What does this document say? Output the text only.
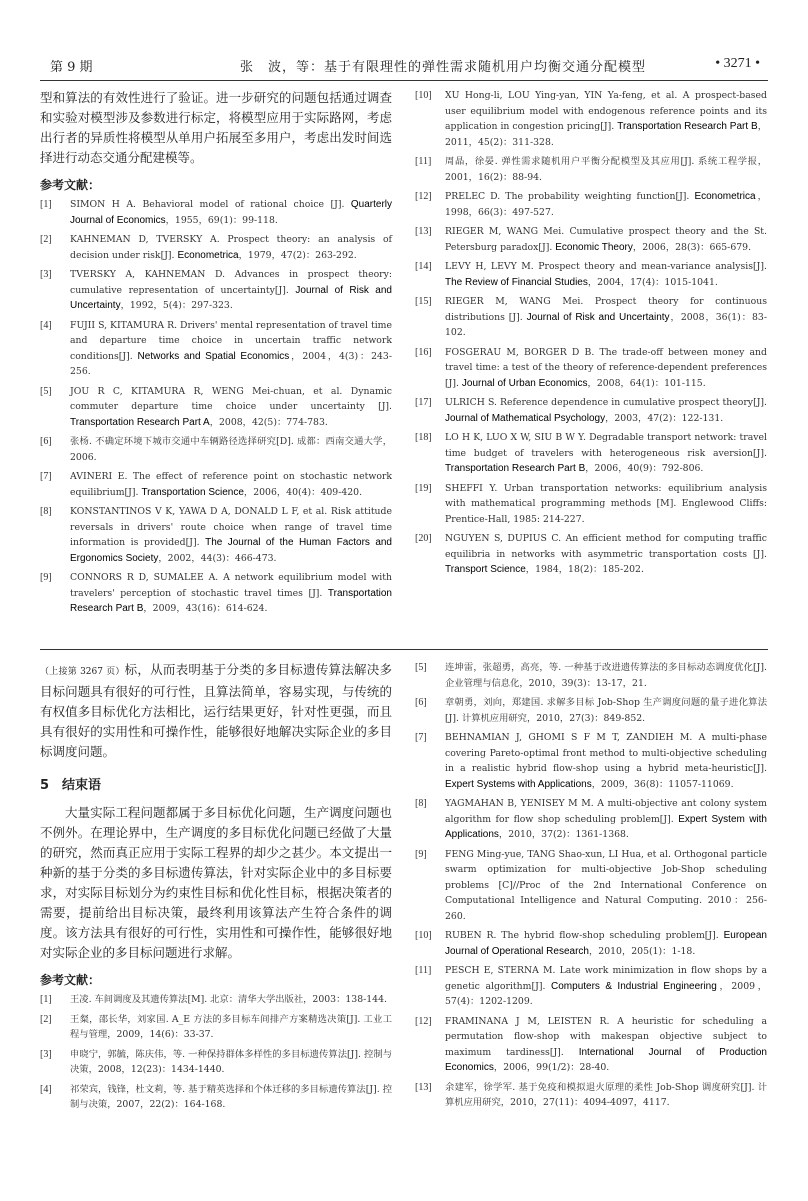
第 9 期	张　波，等：基于有限理性的弹性需求随机用户均衡交通分配模型	• 3271 •

型和算法的有效性进行了验证。进一步研究的问题包括通过调查和实验对模型涉及参数进行标定，将模型应用于实际路网，考虑出行者的异质性将模型从单用户拓展至多用户，考虑出发时间选择进行动态交通分配建模等。

参考文献：
[1]	SIMON H A. Behavioral model of rational choice [J]. Quarterly Journal of Economics，1955，69(1)：99-118.
[2]	KAHNEMAN D, TVERSKY A. Prospect theory: an analysis of decision under risk[J]. Econometrica，1979，47(2)：263-292.
[3]	TVERSKY A, KAHNEMAN D. Advances in prospect theory: cumulative representation of uncertainty[J]. Journal of Risk and Uncertainty，1992，5(4)：297-323.
[4]	FUJII S, KITAMURA R. Drivers' mental representation of travel time and departure time choice in uncertain traffic network conditions[J]. Networks and Spatial Economics，2004，4(3)：243-256.
[5]	JOU R C, KITAMURA R, WENG Mei-chuan, et al. Dynamic commuter departure time choice under uncertainty [J]. Transportation Research Part A，2008，42(5)：774-783.
[6]	张杨. 不确定环境下城市交通中车辆路径选择研究[D]. 成都：西南交通大学，2006.
[7]	AVINERI E. The effect of reference point on stochastic network equilibrium[J]. Transportation Science，2006，40(4)：409-420.
[8]	KONSTANTINOS V K, YAWA D A, DONALD L F, et al. Risk attitude reversals in drivers' route choice when range of travel time information is provided[J]. The Journal of the Human Factors and Ergonomics Society，2002，44(3)：466-473.
[9]	CONNORS R D, SUMALEE A. A network equilibrium model with travelers' perception of stochastic travel times [J]. Transportation Research Part B，2009，43(16)：614-624.
[10]	XU Hong-li, LOU Ying-yan, YIN Ya-feng, et al. A prospect-based user equilibrium model with endogenous reference points and its application in congestion pricing[J]. Transportation Research Part B，2011，45(2)：311-328.
[11]	周晶，徐晏. 弹性需求随机用户平衡分配模型及其应用[J]. 系统工程学报，2001，16(2)：88-94.
[12]	PRELEC D. The probability weighting function[J]. Econometrica，1998，66(3)：497-527.
[13]	RIEGER M, WANG Mei. Cumulative prospect theory and the St. Petersburg paradox[J]. Economic Theory，2006，28(3)：665-679.
[14]	LEVY H, LEVY M. Prospect theory and mean-variance analysis[J]. The Review of Financial Studies，2004，17(4)：1015-1041.
[15]	RIEGER M, WANG Mei. Prospect theory for continuous distributions [J]. Journal of Risk and Uncertainty，2008，36(1)：83-102.
[16]	FOSGERAU M, BORGER D B. The trade-off between money and travel time: a test of the theory of reference-dependent preferences [J]. Journal of Urban Economics，2008，64(1)：101-115.
[17]	ULRICH S. Reference dependence in cumulative prospect theory[J]. Journal of Mathematical Psychology，2003，47(2)：122-131.
[18]	LO H K, LUO X W, SIU B W Y. Degradable transport network: travel time budget of travelers with heterogeneous risk aversion[J]. Transportation Research Part B，2006，40(9)：792-806.
[19]	SHEFFI Y. Urban transportation networks: equilibrium analysis with mathematical programming methods [M]. Englewood Cliffs: Prentice-Hall, 1985: 214-227.
[20]	NGUYEN S, DUPIUS C. An efficient method for computing traffic equilibria in networks with asymmetric transportation costs [J]. Transport Science，1984，18(2)：185-202.

（上接第 3267 页）标，从而表明基于分类的多目标遗传算法解决多目标问题具有很好的可行性，且算法简单，容易实现，与传统的有权值多目标优化方法相比，运行结果更好，针对性更强，而且具有很好的实用性和可操作性，能够很好地解决实际企业的多目标调度问题。

5　结束语

大量实际工程问题都属于多目标优化问题，生产调度问题也不例外。在理论界中，生产调度的多目标优化问题已经做了大量的研究，然而真正应用于实际工程界的却少之甚少。本文提出一种新的基于分类的多目标遗传算法，针对实际企业中的多目标要求，对实际目标划分为约束性目标和优化性目标，根据决策者的需要，提前给出目标决策，最终利用该算法产生符合条件的调度。该方法具有很好的可行性，实用性和可操作性，能够很好地对实际企业的多目标问题进行求解。

参考文献：
[1]	王凌. 车间调度及其遗传算法[M]. 北京：清华大学出版社，2003：138-144.
[2]	王粲，邵长华，刘家国. A_E 方法的多目标车间排产方案精选决策[J]. 工业工程与管理，2009，14(6)：33-37.
[3]	申晓宁，郭毓，陈庆伟，等. 一种保持群体多样性的多目标遗传算法[J]. 控制与决策，2008，12(23)：1434-1440.
[4]	祁荣宾，钱锋，杜文莉，等. 基于精英选择和个体迁移的多目标遗传算法[J]. 控制与决策，2007，22(2)：164-168.
[5]	连坤雷，张超勇，高亮，等. 一种基于改进遗传算法的多目标动态调度优化[J]. 企业管理与信息化，2010，39(3)：13-17，21.
[6]	章朝勇，刘向，郑建国. 求解多目标 Job-Shop 生产调度问题的量子进化算法[J]. 计算机应用研究，2010，27(3)：849-852.
[7]	BEHNAMIAN J, GHOMI S F M T, ZANDIEH M. A multi-phase covering Pareto-optimal front method to multi-objective scheduling in a realistic hybrid flow-shop using a hybrid meta-heuristic[J]. Expert Systems with Applications，2009，36(8)：11057-11069.
[8]	YAGMAHAN B, YENISEY M M. A multi-objective ant colony system algorithm for flow shop scheduling problem[J]. Expert System with Applications，2010，37(2)：1361-1368.
[9]	FENG Ming-yue, TANG Shao-xun, LI Hua, et al. Orthogonal particle swarm optimization for multi-objective Job-Shop scheduling problems [C]//Proc of the 2nd International Conference on Computational Intelligence and Natural Computing. 2010：256-260.
[10]	RUBEN R. The hybrid flow-shop scheduling problem[J]. European Journal of Operational Research，2010，205(1)：1-18.
[11]	PESCH E, STERNA M. Late work minimization in flow shops by a genetic algorithm[J]. Computers & Industrial Engineering，2009，57(4)：1202-1209.
[12]	FRAMINANA J M, LEISTEN R. A heuristic for scheduling a permutation flow-shop with makespan objective subject to maximum tardiness[J]. International Journal of Production Economics，2006，99(1/2)：28-40.
[13]	余建军，徐学军. 基于免疫和模拟退火原理的柔性 Job-Shop 调度研究[J]. 计算机应用研究，2010，27(11)：4094-4097，4117.
